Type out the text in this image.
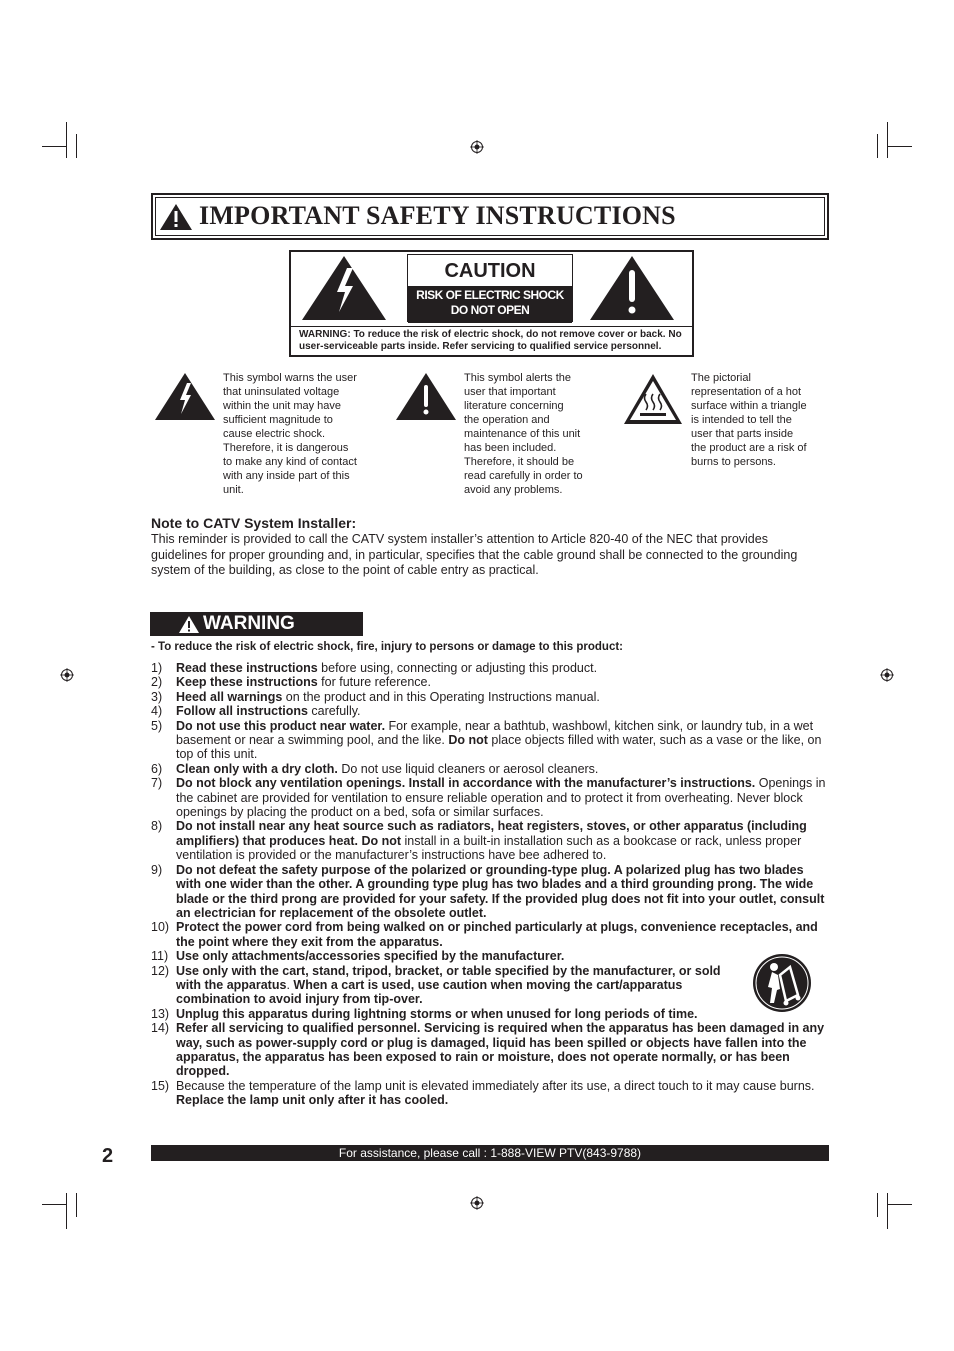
IMPORTANT SAFETY INSTRUCTIONS
CAUTION
RISK OF ELECTRIC SHOCK
DO NOT OPEN
WARNING: To reduce the risk of electric shock, do not remove cover or back. No
user-serviceable parts inside. Refer servicing to qualified service personnel.
This symbol warns the user
that uninsulated voltage
within the unit may have
sufficient magnitude to
cause electric shock.
Therefore, it is dangerous
to make any kind of contact
with any inside part of this
unit.
This symbol alerts the
user that important
literature concerning
the operation and
maintenance of this unit
has been included.
Therefore, it should be
read carefully in order to
avoid any problems.
The pictorial
representation of a hot
surface within a triangle
is intended to tell the
user that parts inside
the product are a risk of
burns to persons.
Note to CATV System Installer:
This reminder is provided to call the CATV system installer’s attention to Article 820-40 of the NEC that provides
guidelines for proper grounding and, in particular, specifies that the cable ground shall be connected to the grounding
system of the building, as close to the point of cable entry as practical.
WARNING
- To reduce the risk of electric shock, fire, injury to persons or damage to this product:
1)	Read these instructions before using, connecting or adjusting this product.
2)	Keep these instructions for future reference.
3)	Heed all warnings on the product and in this Operating Instructions manual.
4)	Follow all instructions carefully.
5)	Do not use this product near water. For example, near a bathtub, washbowl, kitchen sink, or laundry tub, in a wet basement or near a swimming pool, and the like. Do not place objects filled with water, such as a vase or the like, on top of this unit.
6)	Clean only with a dry cloth. Do not use liquid cleaners or aerosol cleaners.
7)	Do not block any ventilation openings. Install in accordance with the manufacturer’s instructions. Openings in the cabinet are provided for ventilation to ensure reliable operation and to protect it from overheating. Never block openings by placing the product on a bed, sofa or similar surfaces.
8)	Do not install near any heat source such as radiators, heat registers, stoves, or other apparatus (including amplifiers) that produces heat. Do not install in a built-in installation such as a bookcase or rack, unless proper ventilation is provided or the manufacturer’s instructions have bee adhered to.
9)	Do not defeat the safety purpose of the polarized or grounding-type plug. A polarized plug has two blades with one wider than the other. A grounding type plug has two blades and a third grounding prong. The wide blade or the third prong are provided for your safety. If the provided plug does not fit into your outlet, consult an electrician for replacement of the obsolete outlet.
10) Protect the power cord from being walked on or pinched particularly at plugs, convenience receptacles, and the point where they exit from the apparatus.
11) Use only attachments/accessories specified by the manufacturer.
12) Use only with the cart, stand, tripod, bracket, or table specified by the manufacturer, or sold with the apparatus. When a cart is used, use caution when moving the cart/apparatus combination to avoid injury from tip-over.
13) Unplug this apparatus during lightning storms or when unused for long periods of time.
14) Refer all servicing to qualified personnel. Servicing is required when the apparatus has been damaged in any way, such as power-supply cord or plug is damaged, liquid has been spilled or objects have fallen into the apparatus, the apparatus has been exposed to rain or moisture, does not operate normally, or has been dropped.
15) Because the temperature of the lamp unit is elevated immediately after its use, a direct touch to it may cause burns. Replace the lamp unit only after it has cooled.
2	For assistance, please call : 1-888-VIEW PTV(843-9788)
